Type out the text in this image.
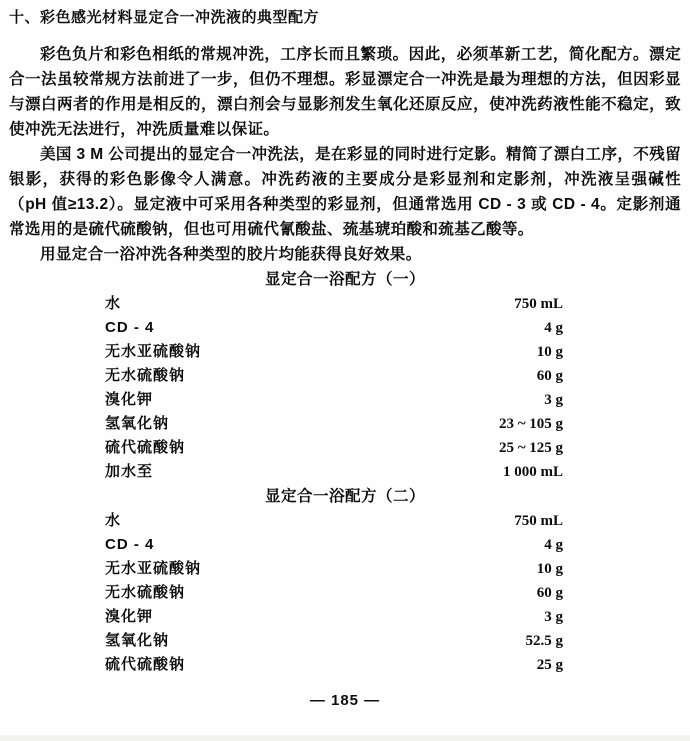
十、彩色感光材料显定合一冲洗液的典型配方

彩色负片和彩色相纸的常规冲洗，工序长而且繁琐。因此，必须革新工艺，简化配方。漂定合一法虽较常规方法前进了一步，但仍不理想。彩显漂定合一冲洗是最为理想的方法，但因彩显与漂白两者的作用是相反的，漂白剂会与显影剂发生氧化还原反应，使冲洗药液性能不稳定，致使冲洗无法进行，冲洗质量难以保证。

美国 3 M 公司提出的显定合一冲洗法，是在彩显的同时进行定影。精简了漂白工序，不残留银影，获得的彩色影像令人满意。冲洗药液的主要成分是彩显剂和定影剂，冲洗液呈强碱性（pH 值≥13.2）。显定液中可采用各种类型的彩显剂，但通常选用 CD - 3 或 CD - 4。定影剂通常选用的是硫代硫酸钠，但也可用硫代氰酸盐、巯基琥珀酸和巯基乙酸等。

用显定合一浴冲洗各种类型的胶片均能获得良好效果。

显定合一浴配方（一）
水	750 mL
CD - 4	4 g
无水亚硫酸钠	10 g
无水硫酸钠	60 g
溴化钾	3 g
氢氧化钠	23 ~ 105 g
硫代硫酸钠	25 ~ 125 g
加水至	1 000 mL
显定合一浴配方（二）
水	750 mL
CD - 4	4 g
无水亚硫酸钠	10 g
无水硫酸钠	60 g
溴化钾	3 g
氢氧化钠	52.5 g
硫代硫酸钠	25 g
— 185 —
